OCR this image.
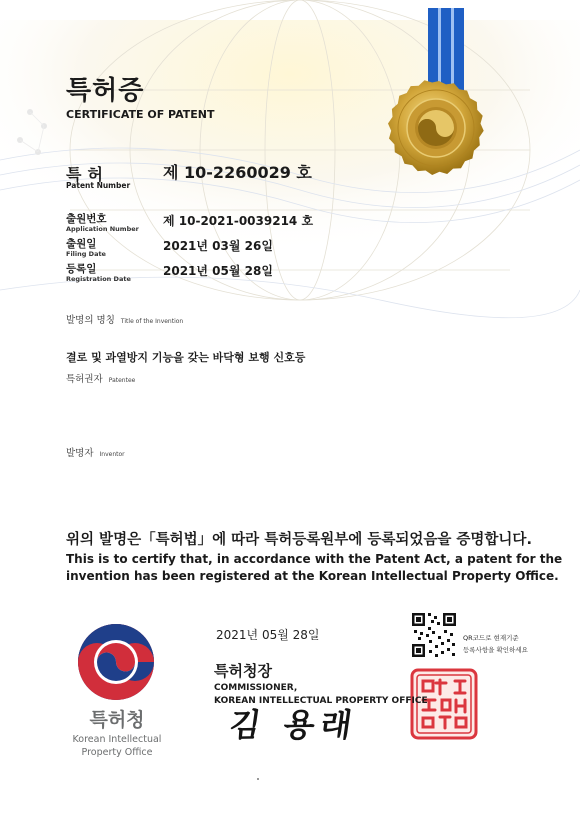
특허증
CERTIFICATE OF PATENT
특허
Patent Number
제 10-2260029 호
출원번호
Application Number
제 10-2021-0039214 호
출원일
Filing Date
2021년 03월 26일
등록일
Registration Date
2021년 05월 28일
발명의 명칭 Title of the Invention
결로 및 과열방지 기능을 갖는 바닥형 보행 신호등
특허권자 Patentee
발명자 Inventor
위의 발명은「특허법」에 따라 특허등록원부에 등록되었음을 증명합니다.
This is to certify that, in accordance with the Patent Act, a patent for the
invention has been registered at the Korean Intellectual Property Office.
2021년 05월 28일
특허청장
COMMISSIONER,
KOREAN INTELLECTUAL PROPERTY OFFICE
김 용래
QR코드로 현재기준
등록사항을 확인하세요
특허청
Korean Intellectual
Property Office
